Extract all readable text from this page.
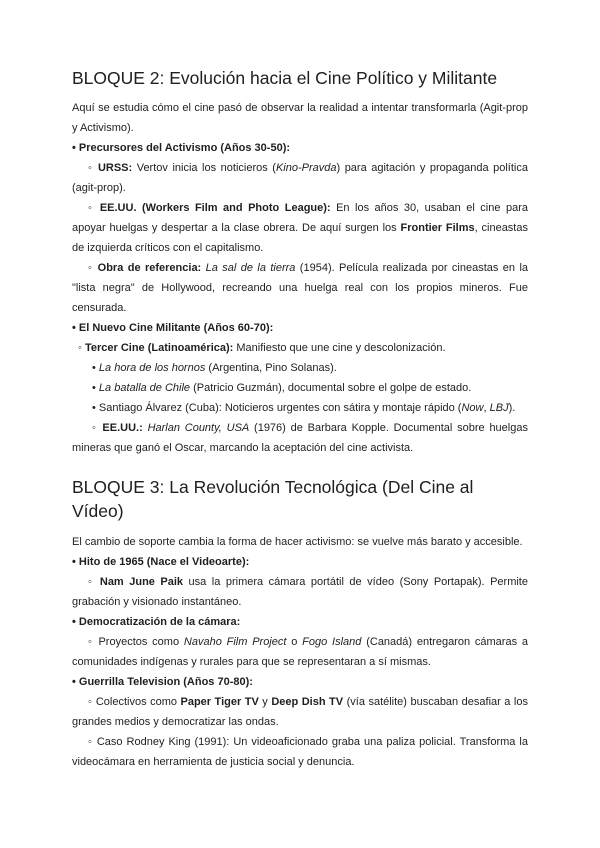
BLOQUE 2: Evolución hacia el Cine Político y Militante

Aquí se estudia cómo el cine pasó de observar la realidad a intentar transformarla (Agit-prop y Activismo).

• Precursores del Activismo (Años 30-50):

◦ URSS: Vertov inicia los noticieros (Kino-Pravda) para agitación y propaganda política (agit-prop).

◦ EE.UU. (Workers Film and Photo League): En los años 30, usaban el cine para apoyar huelgas y despertar a la clase obrera. De aquí surgen los Frontier Films, cineastas de izquierda críticos con el capitalismo.

◦ Obra de referencia: La sal de la tierra (1954). Película realizada por cineastas en la "lista negra" de Hollywood, recreando una huelga real con los propios mineros. Fue censurada.

• El Nuevo Cine Militante (Años 60-70):

◦ Tercer Cine (Latinoamérica): Manifiesto que une cine y descolonización.

• La hora de los hornos (Argentina, Pino Solanas).

• La batalla de Chile (Patricio Guzmán), documental sobre el golpe de estado.

• Santiago Álvarez (Cuba): Noticieros urgentes con sátira y montaje rápido (Now, LBJ).

◦ EE.UU.: Harlan County, USA (1976) de Barbara Kopple. Documental sobre huelgas mineras que ganó el Oscar, marcando la aceptación del cine activista.

BLOQUE 3: La Revolución Tecnológica (Del Cine al Vídeo)

El cambio de soporte cambia la forma de hacer activismo: se vuelve más barato y accesible.

• Hito de 1965 (Nace el Videoarte):

◦ Nam June Paik usa la primera cámara portátil de vídeo (Sony Portapak). Permite grabación y visionado instantáneo.

• Democratización de la cámara:

◦ Proyectos como Navaho Film Project o Fogo Island (Canadá) entregaron cámaras a comunidades indígenas y rurales para que se representaran a sí mismas.

• Guerrilla Television (Años 70-80):

◦ Colectivos como Paper Tiger TV y Deep Dish TV (vía satélite) buscaban desafiar a los grandes medios y democratizar las ondas.

◦ Caso Rodney King (1991): Un videoaficionado graba una paliza policial. Transforma la videocámara en herramienta de justicia social y denuncia.
